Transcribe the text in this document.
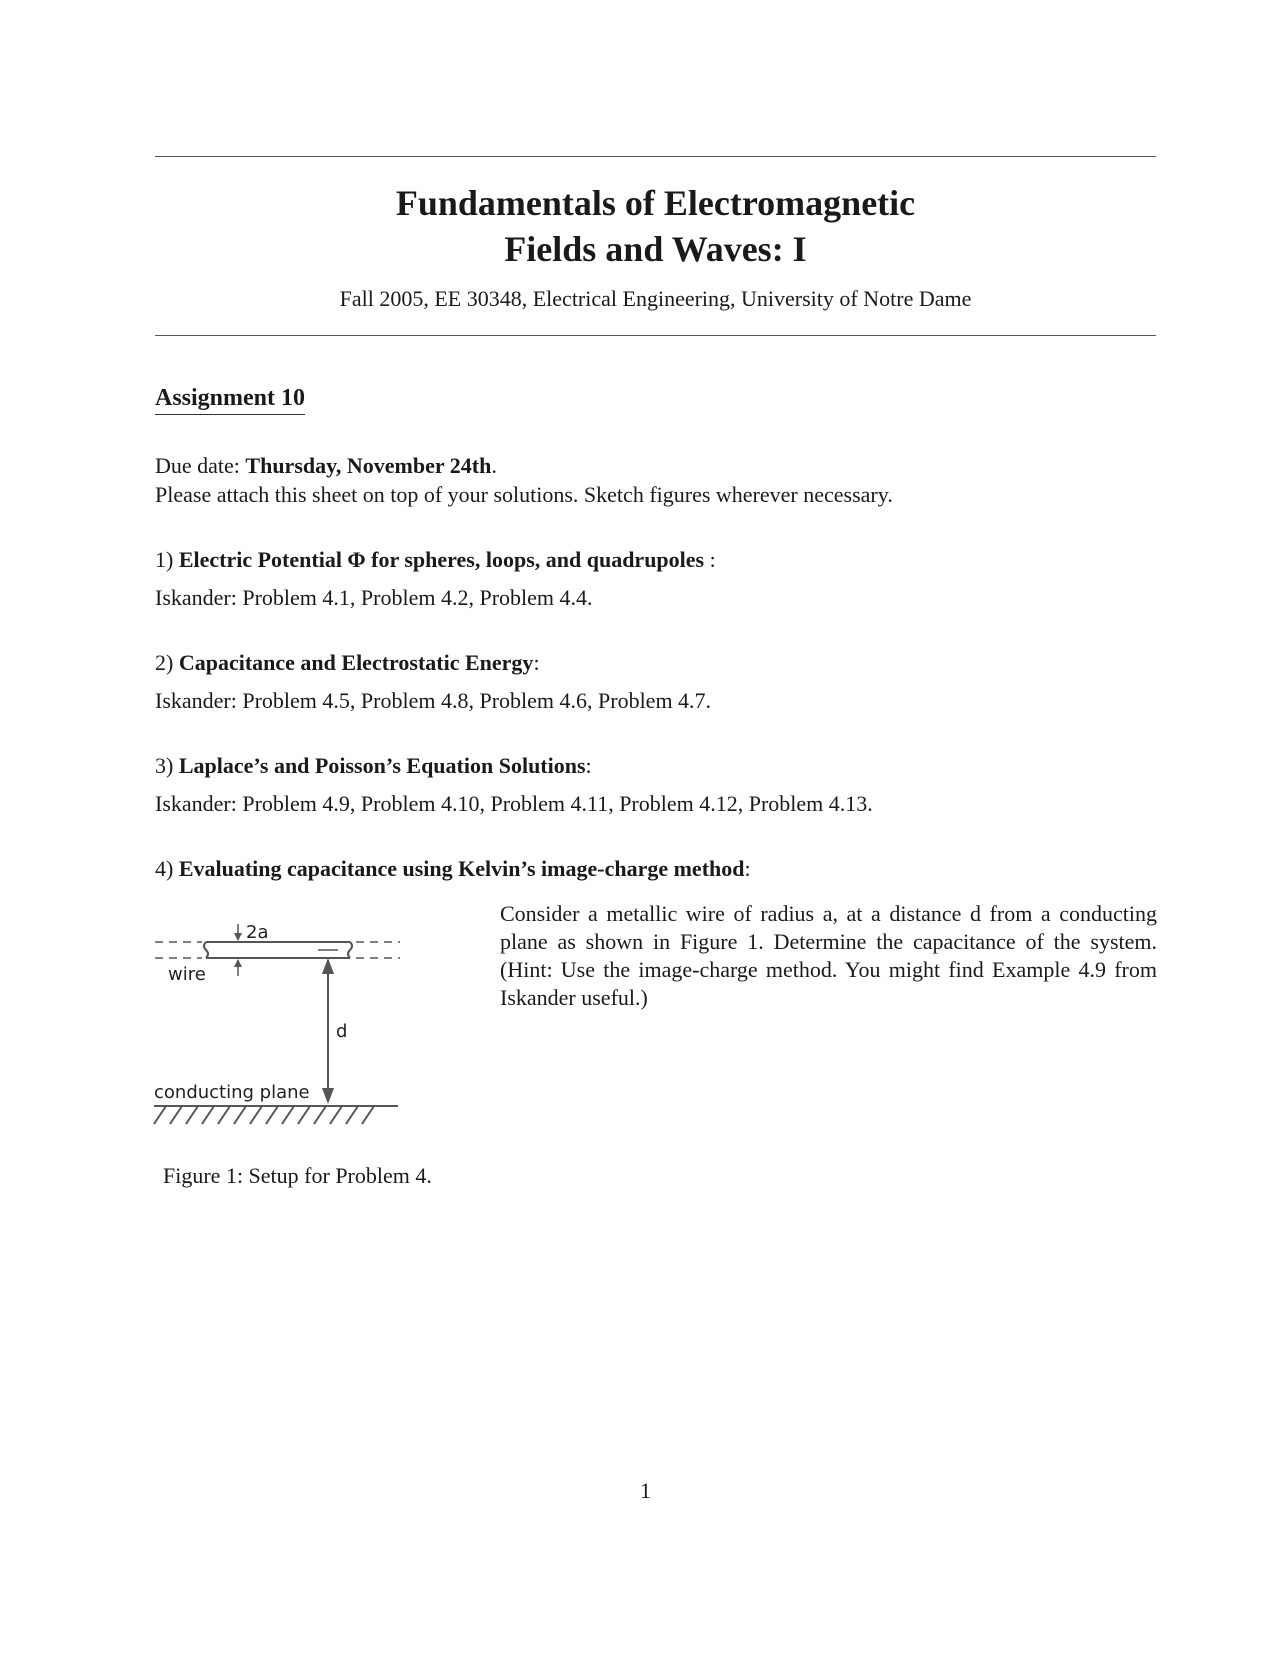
Fundamentals of Electromagnetic
Fields and Waves: I
Fall 2005, EE 30348, Electrical Engineering, University of Notre Dame
Assignment 10
Due date: Thursday, November 24th.
Please attach this sheet on top of your solutions. Sketch figures wherever necessary.
1) Electric Potential Φ for spheres, loops, and quadrupoles :
Iskander: Problem 4.1, Problem 4.2, Problem 4.4.
2) Capacitance and Electrostatic Energy:
Iskander: Problem 4.5, Problem 4.8, Problem 4.6, Problem 4.7.
3) Laplace’s and Poisson’s Equation Solutions:
Iskander: Problem 4.9, Problem 4.10, Problem 4.11, Problem 4.12, Problem 4.13.
4) Evaluating capacitance using Kelvin’s image-charge method:
Consider a metallic wire of radius a, at a distance d from a conducting plane as shown in Figure 1. Determine the capacitance of the system. (Hint: Use the image-charge method. You might find Example 4.9 from Iskander useful.)
2a
wire
d
conducting plane
Figure 1: Setup for Problem 4.
1
